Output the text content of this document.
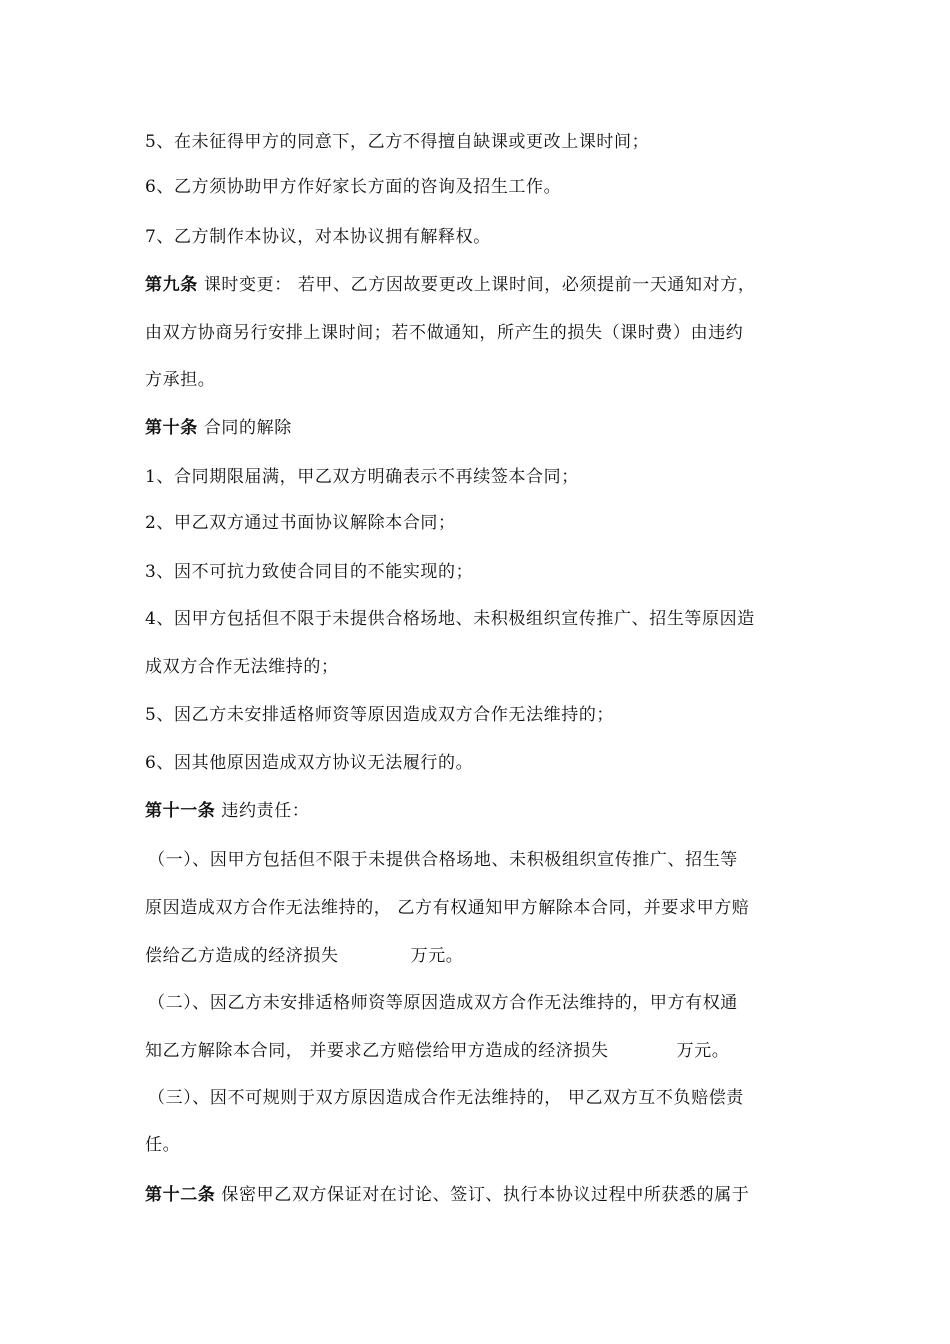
5、在未征得甲方的同意下，乙方不得擅自缺课或更改上课时间；
6、乙方须协助甲方作好家长方面的咨询及招生工作。
7、乙方制作本协议，对本协议拥有解释权。
第九条 课时变更： 若甲、乙方因故要更改上课时间，必须提前一天通知对方，
由双方协商另行安排上课时间；若不做通知，所产生的损失（课时费）由违约
方承担。
第十条 合同的解除
1、合同期限届满，甲乙双方明确表示不再续签本合同；
2、甲乙双方通过书面协议解除本合同；
3、因不可抗力致使合同目的不能实现的；
4、因甲方包括但不限于未提供合格场地、未积极组织宣传推广、招生等原因造
成双方合作无法维持的；
5、因乙方未安排适格师资等原因造成双方合作无法维持的；
6、因其他原因造成双方协议无法履行的。
第十一条 违约责任：
（一）、因甲方包括但不限于未提供合格场地、未积极组织宣传推广、招生等
原因造成双方合作无法维持的， 乙方有权通知甲方解除本合同，并要求甲方赔
偿给乙方造成的经济损失	万元。
（二）、因乙方未安排适格师资等原因造成双方合作无法维持的，甲方有权通
知乙方解除本合同， 并要求乙方赔偿给甲方造成的经济损失	万元。
（三）、因不可规则于双方原因造成合作无法维持的， 甲乙双方互不负赔偿责
任。
第十二条 保密甲乙双方保证对在讨论、签订、执行本协议过程中所获悉的属于
